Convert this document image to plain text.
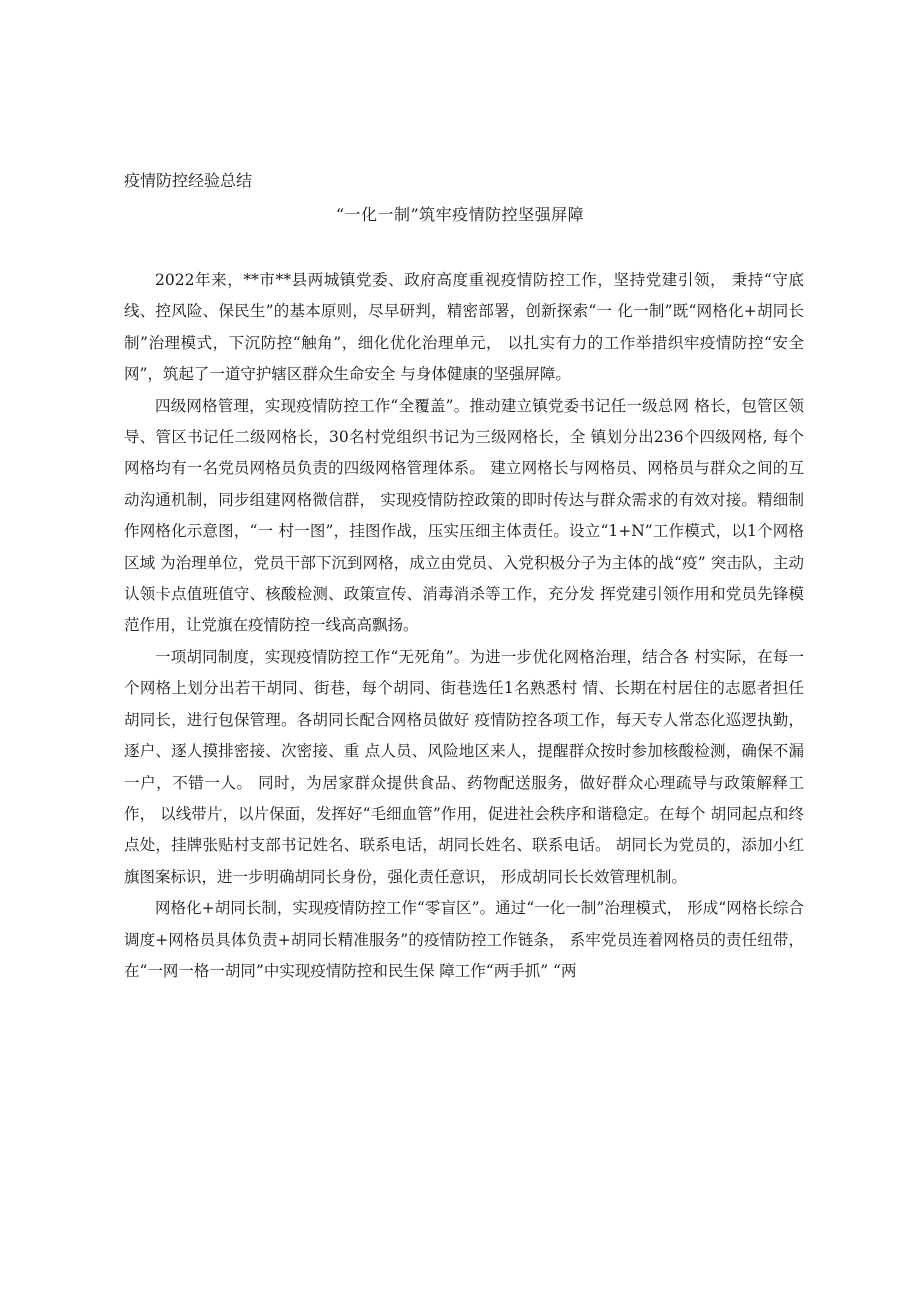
疫情防控经验总结
“一化一制”筑牢疫情防控坚强屏障

2022年来，**市**县两城镇党委、政府高度重视疫情防控工作，坚持党建引领， 秉持“守底线、控风险、保民生”的基本原则，尽早研判，精密部署，创新探索“一 化一制”既“网格化+胡同长制”治理模式，下沉防控“触角”，细化优化治理单元， 以扎实有力的工作举措织牢疫情防控“安全网”，筑起了一道守护辖区群众生命安全 与身体健康的坚强屏障。

四级网格管理，实现疫情防控工作“全覆盖”。推动建立镇党委书记任一级总网 格长，包管区领导、管区书记任二级网格长，30名村党组织书记为三级网格长，全 镇划分出236个四级网格, 每个网格均有一名党员网格员负责的四级网格管理体系。 建立网格长与网格员、网格员与群众之间的互动沟通机制，同步组建网格微信群， 实现疫情防控政策的即时传达与群众需求的有效对接。精细制作网格化示意图，“一 村一图”，挂图作战，压实压细主体责任。设立“1+N”工作模式，以1个网格区域 为治理单位，党员干部下沉到网格，成立由党员、入党积极分子为主体的战“疫” 突击队，主动认领卡点值班值守、核酸检测、政策宣传、消毒消杀等工作，充分发 挥党建引领作用和党员先锋模范作用，让党旗在疫情防控一线高高飘扬。

一项胡同制度，实现疫情防控工作“无死角”。为进一步优化网格治理，结合各 村实际，在每一个网格上划分出若干胡同、街巷，每个胡同、街巷选任1名熟悉村 情、长期在村居住的志愿者担任胡同长，进行包保管理。各胡同长配合网格员做好 疫情防控各项工作，每天专人常态化巡逻执勤，逐户、逐人摸排密接、次密接、重 点人员、风险地区来人，提醒群众按时参加核酸检测，确保不漏一户，不错一人。 同时，为居家群众提供食品、药物配送服务，做好群众心理疏导与政策解释工作， 以线带片，以片保面，发挥好“毛细血管”作用，促进社会秩序和谐稳定。在每个 胡同起点和终点处，挂牌张贴村支部书记姓名、联系电话，胡同长姓名、联系电话。 胡同长为党员的，添加小红旗图案标识，进一步明确胡同长身份，强化责任意识， 形成胡同长长效管理机制。

网格化+胡同长制，实现疫情防控工作“零盲区”。通过“一化一制”治理模式， 形成“网格长综合调度+网格员具体负责+胡同长精准服务”的疫情防控工作链条， 系牢党员连着网格员的责任纽带，在“一网一格一胡同”中实现疫情防控和民生保 障工作“两手抓” “两
